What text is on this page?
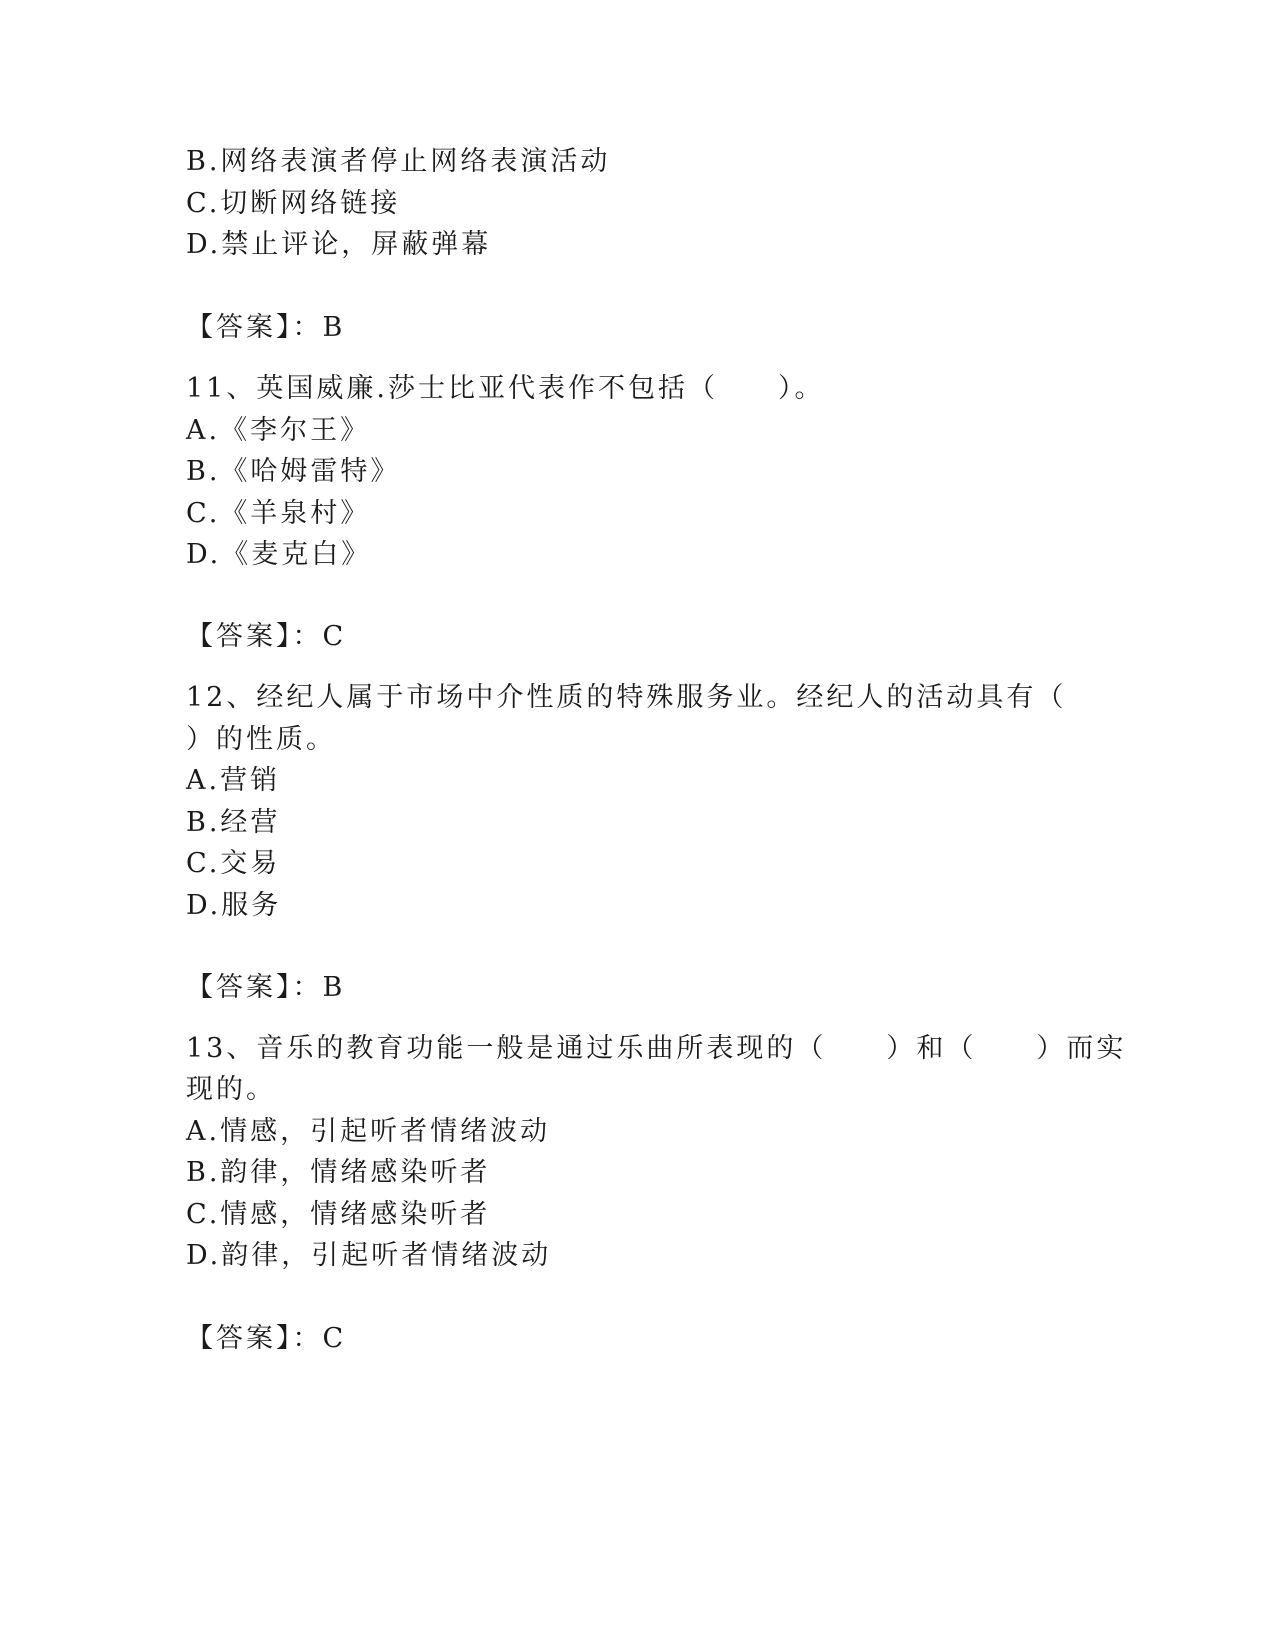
B.网络表演者停止网络表演活动
C.切断网络链接
D.禁止评论，屏蔽弹幕
【答案】：B
11、英国威廉.莎士比亚代表作不包括（　　）。
A.《李尔王》
B.《哈姆雷特》
C.《羊泉村》
D.《麦克白》
【答案】：C
12、经纪人属于市场中介性质的特殊服务业。经纪人的活动具有（
）的性质。
A.营销
B.经营
C.交易
D.服务
【答案】：B
13、音乐的教育功能一般是通过乐曲所表现的（　　）和（　　）而实
现的。
A.情感，引起听者情绪波动
B.韵律，情绪感染听者
C.情感，情绪感染听者
D.韵律，引起听者情绪波动
【答案】：C
